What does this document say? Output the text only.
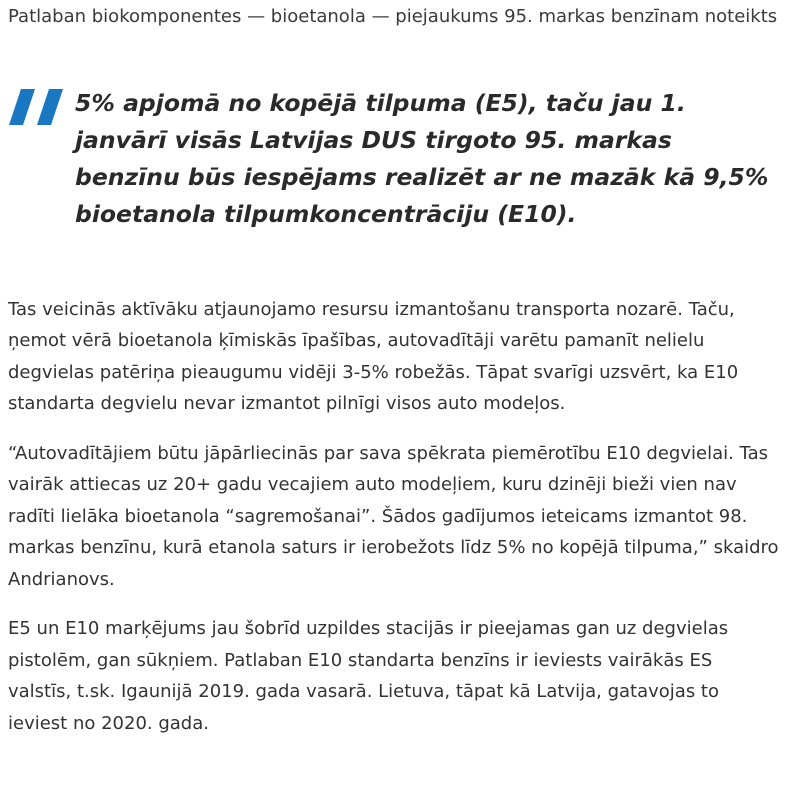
Patlaban biokomponentes — bioetanola — piejaukums 95. markas benzīnam noteikts

5% apjomā no kopējā tilpuma (E5), taču jau 1. janvārī visās Latvijas DUS tirgoto 95. markas benzīnu būs iespējams realizēt ar ne mazāk kā 9,5% bioetanola tilpumkoncentrāciju (E10).

Tas veicinās aktīvāku atjaunojamo resursu izmantošanu transporta nozarē. Taču, ņemot vērā bioetanola ķīmiskās īpašības, autovadītāji varētu pamanīt nelielu degvielas patēriņa pieaugumu vidēji 3-5% robežās. Tāpat svarīgi uzsvērt, ka E10 standarta degvielu nevar izmantot pilnīgi visos auto modeļos.

“Autovadītājiem būtu jāpārliecinās par sava spēkrata piemērotību E10 degvielai. Tas vairāk attiecas uz 20+ gadu vecajiem auto modeļiem, kuru dzinēji bieži vien nav radīti lielāka bioetanola “sagremošanai”. Šādos gadījumos ieteicams izmantot 98. markas benzīnu, kurā etanola saturs ir ierobežots līdz 5% no kopējā tilpuma,” skaidro Andrianovs.

E5 un E10 marķējums jau šobrīd uzpildes stacijās ir pieejamas gan uz degvielas pistolēm, gan sūkņiem. Patlaban E10 standarta benzīns ir ieviests vairākās ES valstīs, t.sk. Igaunijā 2019. gada vasarā. Lietuva, tāpat kā Latvija, gatavojas to ieviest no 2020. gada.
